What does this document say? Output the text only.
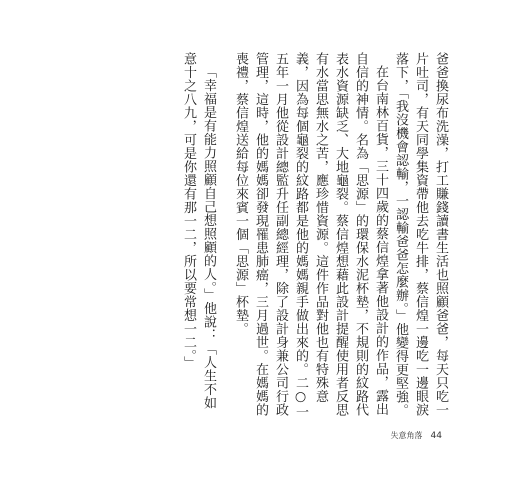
爸爸換尿布洗澡，打工賺錢讀書生活也照顧爸爸，每天只吃一片吐司，有天同學集資帶他去吃牛排，蔡信煌一邊吃一邊眼淚落下，「我沒機會認輸，一認輸爸爸怎麼辦。」他變得更堅強。

在台南林百貨，三十四歲的蔡信煌拿著他設計的作品，露出自信的神情。名為「思源」的環保水泥杯墊，不規則的紋路代表水資源缺乏、大地龜裂。蔡信煌想藉此設計提醒使用者反思有水當思無水之苦，應珍惜資源。這件作品對他也有特殊意義，因為每個龜裂的紋路都是他的媽媽親手做出來的。二○一五年一月他從設計總監升任副總經理，除了設計身兼公司行政管理，這時，他的媽媽卻發現罹患肺癌，三月過世。在媽媽的喪禮，蔡信煌送給每位來賓一個「思源」杯墊。

「幸福是有能力照顧自己想照顧的人。」他說：「人生不如意十之八九，可是你還有那一二，所以要常想一二。」

失意角落 44
